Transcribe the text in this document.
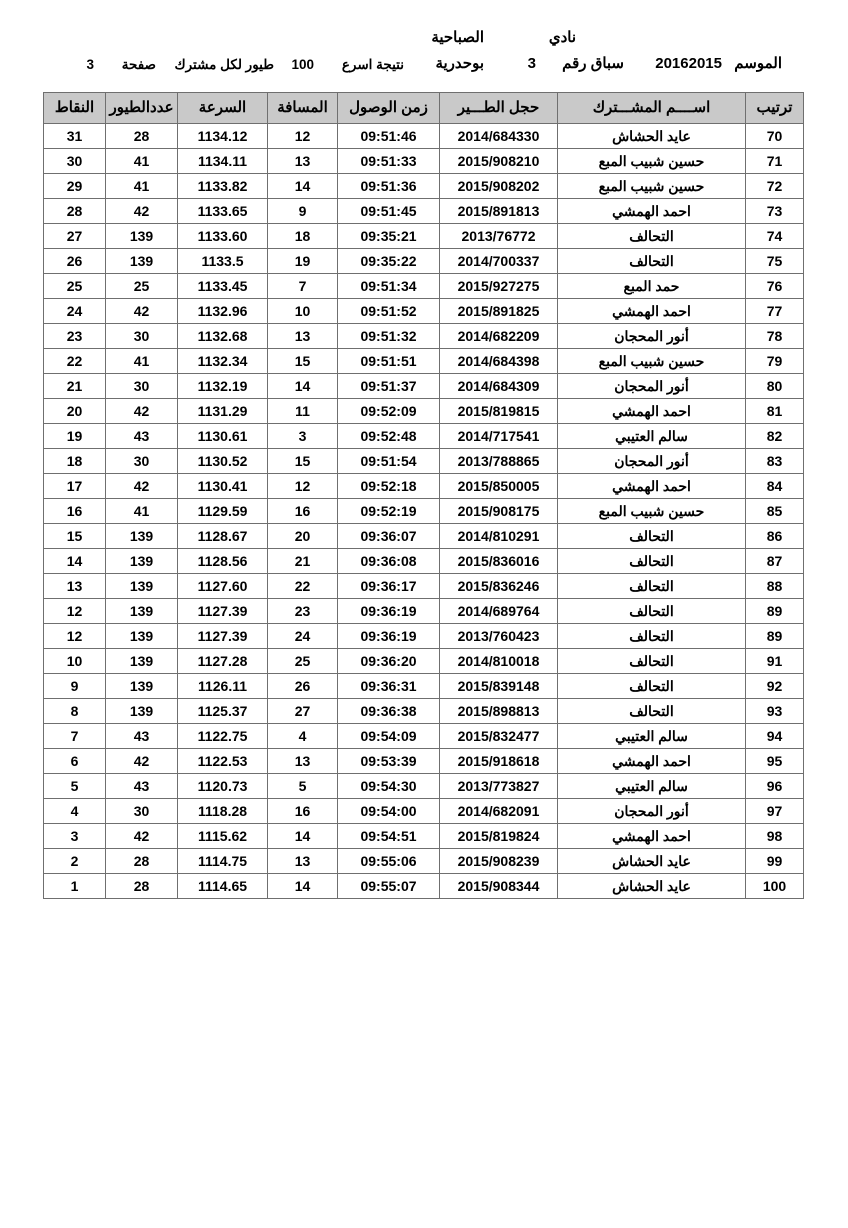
نادي
الصباحية
الموسم
20162015
سباق رقم
3
بوحدرية
نتيجة اسرع
100
طيور لكل مشترك
صفحة
3
ترتيب	اســــم المشـــترك	حجل الطـــير	زمن الوصول	المسافة	السرعة	عددالطيور	النقاط
70	عايد الحشاش	2014/684330	09:51:46	12	1134.12	28	31
71	حسين شبيب المبع	2015/908210	09:51:33	13	1134.11	41	30
72	حسين شبيب المبع	2015/908202	09:51:36	14	1133.82	41	29
73	احمد الهمشي	2015/891813	09:51:45	9	1133.65	42	28
74	التحالف	2013/76772	09:35:21	18	1133.60	139	27
75	التحالف	2014/700337	09:35:22	19	1133.5	139	26
76	حمد المبع	2015/927275	09:51:34	7	1133.45	25	25
77	احمد الهمشي	2015/891825	09:51:52	10	1132.96	42	24
78	أنور المحجان	2014/682209	09:51:32	13	1132.68	30	23
79	حسين شبيب المبع	2014/684398	09:51:51	15	1132.34	41	22
80	أنور المحجان	2014/684309	09:51:37	14	1132.19	30	21
81	احمد الهمشي	2015/819815	09:52:09	11	1131.29	42	20
82	سالم العتيبي	2014/717541	09:52:48	3	1130.61	43	19
83	أنور المحجان	2013/788865	09:51:54	15	1130.52	30	18
84	احمد الهمشي	2015/850005	09:52:18	12	1130.41	42	17
85	حسين شبيب المبع	2015/908175	09:52:19	16	1129.59	41	16
86	التحالف	2014/810291	09:36:07	20	1128.67	139	15
87	التحالف	2015/836016	09:36:08	21	1128.56	139	14
88	التحالف	2015/836246	09:36:17	22	1127.60	139	13
89	التحالف	2014/689764	09:36:19	23	1127.39	139	12
89	التحالف	2013/760423	09:36:19	24	1127.39	139	12
91	التحالف	2014/810018	09:36:20	25	1127.28	139	10
92	التحالف	2015/839148	09:36:31	26	1126.11	139	9
93	التحالف	2015/898813	09:36:38	27	1125.37	139	8
94	سالم العتيبي	2015/832477	09:54:09	4	1122.75	43	7
95	احمد الهمشي	2015/918618	09:53:39	13	1122.53	42	6
96	سالم العتيبي	2013/773827	09:54:30	5	1120.73	43	5
97	أنور المحجان	2014/682091	09:54:00	16	1118.28	30	4
98	احمد الهمشي	2015/819824	09:54:51	14	1115.62	42	3
99	عايد الحشاش	2015/908239	09:55:06	13	1114.75	28	2
100	عايد الحشاش	2015/908344	09:55:07	14	1114.65	28	1
